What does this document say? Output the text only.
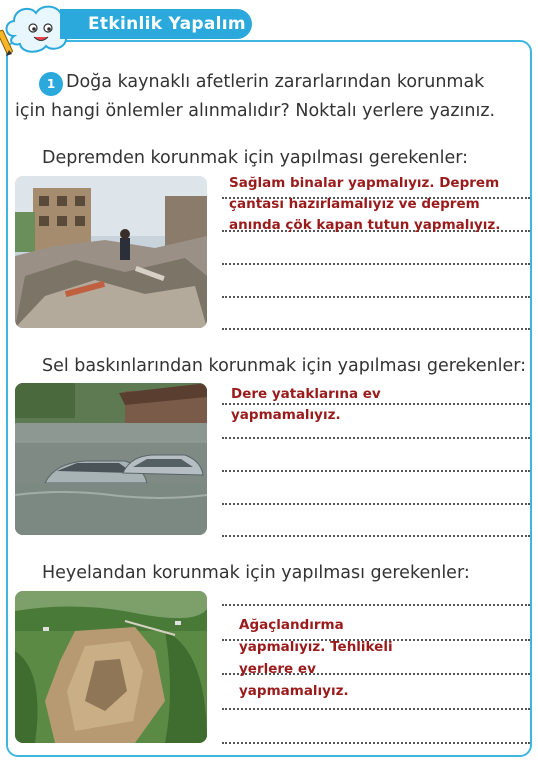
Etkinlik Yapalım
1 Doğa kaynaklı afetlerin zararlarından korunmak
için hangi önlemler alınmalıdır? Noktalı yerlere yazınız.
Depremden korunmak için yapılması gerekenler:
Sağlam binalar yapmalıyız. Deprem
çantası hazırlamalıyız ve deprem
anında çök kapan tutun yapmalıyız.
Sel baskınlarından korunmak için yapılması gerekenler:
Dere yataklarına ev
yapmamalıyız.
Heyelandan korunmak için yapılması gerekenler:
Ağaçlandırma
yapmalıyız. Tehlikeli
yerlere ev
yapmamalıyız.
